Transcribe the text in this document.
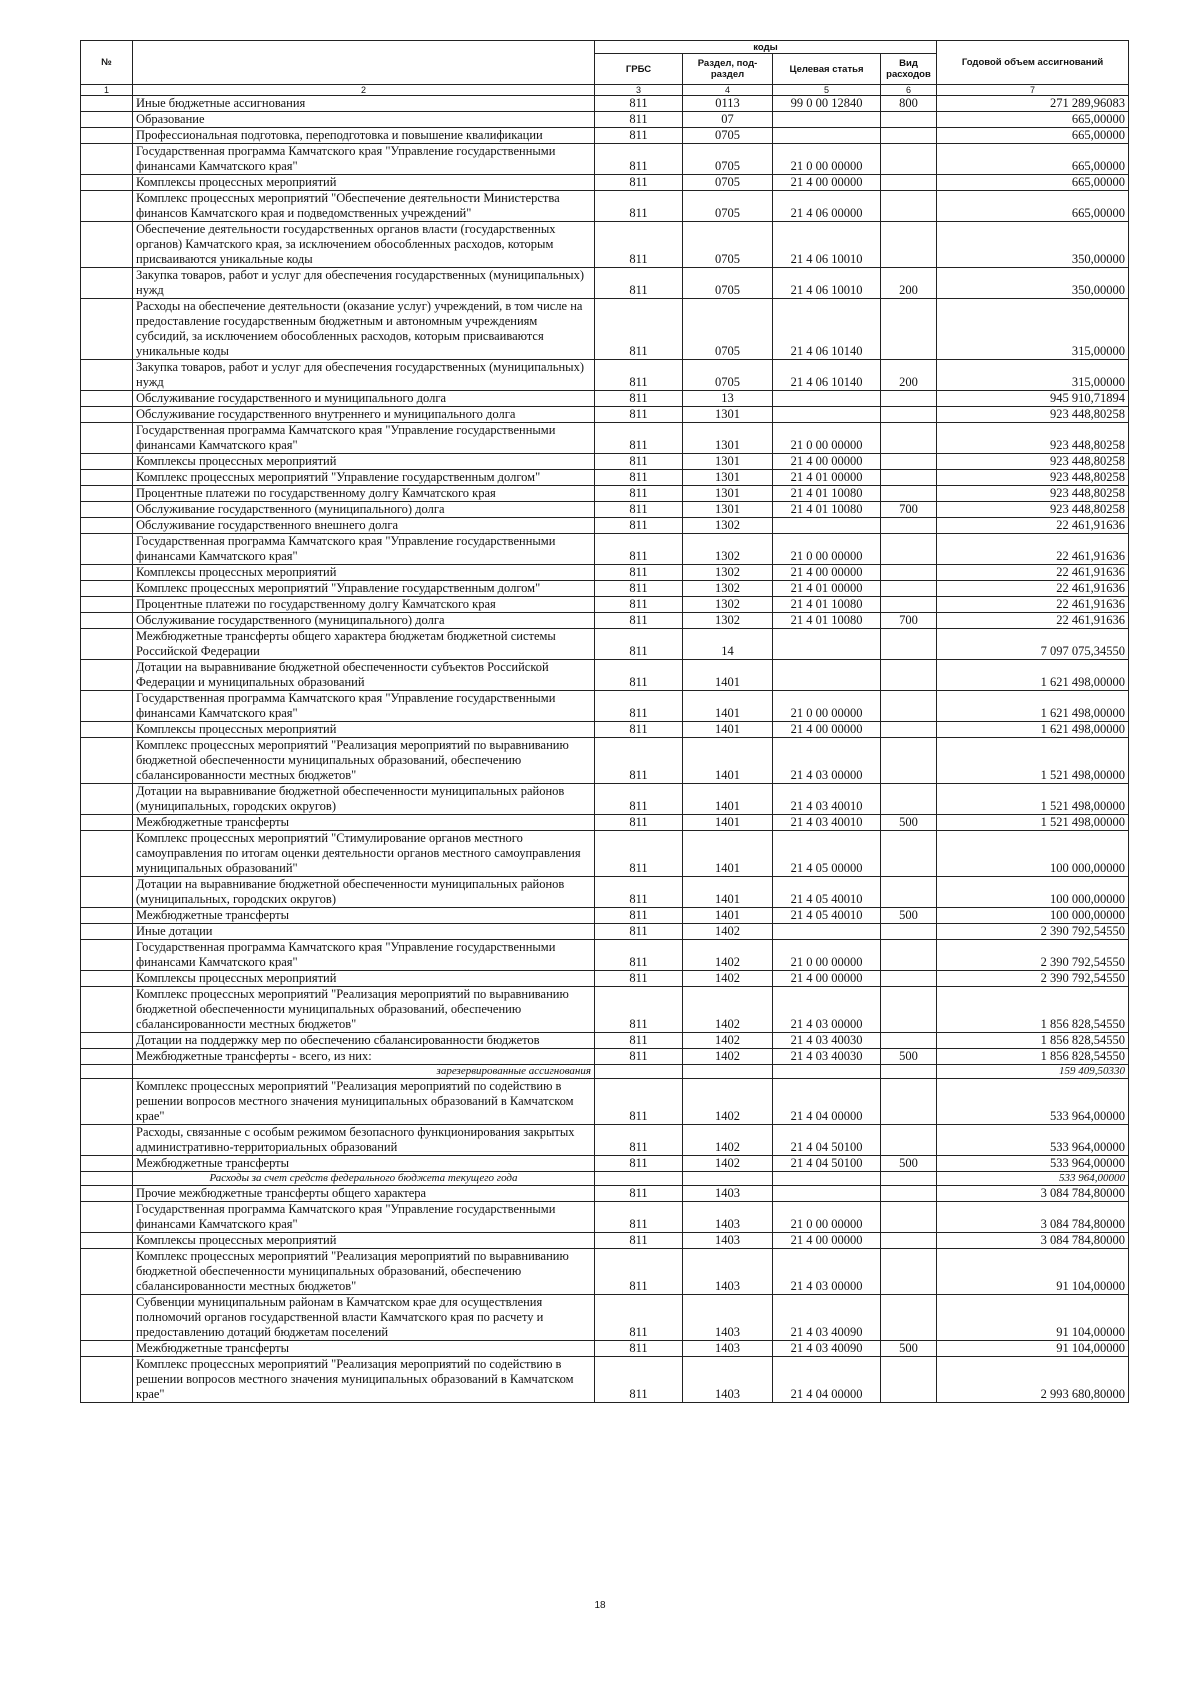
№		коды				Годовой объем ассигнований
		ГРБС	Раздел, под-раздел	Целевая статья	Вид расходов	
1	2	3	4	5	6	7
	Иные бюджетные ассигнования	811	0113	99 0 00 12840	800	271 289,96083
	Образование	811	07			665,00000
	Профессиональная подготовка, переподготовка и повышение квалификации	811	0705			665,00000
	Государственная программа Камчатского края "Управление государственными финансами Камчатского края"	811	0705	21 0 00 00000		665,00000
	Комплексы процессных мероприятий	811	0705	21 4 00 00000		665,00000
	Комплекс процессных мероприятий "Обеспечение деятельности Министерства финансов Камчатского края и подведомственных учреждений"	811	0705	21 4 06 00000		665,00000
	Обеспечение деятельности государственных органов власти (государственных органов) Камчатского края, за исключением обособленных расходов, которым присваиваются уникальные коды	811	0705	21 4 06 10010		350,00000
	Закупка товаров, работ и услуг для обеспечения государственных (муниципальных) нужд	811	0705	21 4 06 10010	200	350,00000
	Расходы на обеспечение деятельности (оказание услуг) учреждений, в том числе на предоставление государственным бюджетным и автономным учреждениям субсидий, за исключением обособленных расходов, которым присваиваются уникальные коды	811	0705	21 4 06 10140		315,00000
	Закупка товаров, работ и услуг для обеспечения государственных (муниципальных) нужд	811	0705	21 4 06 10140	200	315,00000
	Обслуживание государственного и муниципального долга	811	13			945 910,71894
	Обслуживание государственного внутреннего и муниципального долга	811	1301			923 448,80258
	Государственная программа Камчатского края "Управление государственными финансами Камчатского края"	811	1301	21 0 00 00000		923 448,80258
	Комплексы процессных мероприятий	811	1301	21 4 00 00000		923 448,80258
	Комплекс процессных мероприятий "Управление государственным долгом"	811	1301	21 4 01 00000		923 448,80258
	Процентные платежи по государственному долгу Камчатского края	811	1301	21 4 01 10080		923 448,80258
	Обслуживание государственного (муниципального) долга	811	1301	21 4 01 10080	700	923 448,80258
	Обслуживание государственного внешнего долга	811	1302			22 461,91636
	Государственная программа Камчатского края "Управление государственными финансами Камчатского края"	811	1302	21 0 00 00000		22 461,91636
	Комплексы процессных мероприятий	811	1302	21 4 00 00000		22 461,91636
	Комплекс процессных мероприятий "Управление государственным долгом"	811	1302	21 4 01 00000		22 461,91636
	Процентные платежи по государственному долгу Камчатского края	811	1302	21 4 01 10080		22 461,91636
	Обслуживание государственного (муниципального) долга	811	1302	21 4 01 10080	700	22 461,91636
	Межбюджетные трансферты общего характера бюджетам бюджетной системы Российской Федерации	811	14			7 097 075,34550
	Дотации на выравнивание бюджетной обеспеченности субъектов Российской Федерации и муниципальных образований	811	1401			1 621 498,00000
	Государственная программа Камчатского края "Управление государственными финансами Камчатского края"	811	1401	21 0 00 00000		1 621 498,00000
	Комплексы процессных мероприятий	811	1401	21 4 00 00000		1 621 498,00000
	Комплекс процессных мероприятий "Реализация мероприятий по выравниванию бюджетной обеспеченности муниципальных образований, обеспечению сбалансированности местных бюджетов"	811	1401	21 4 03 00000		1 521 498,00000
	Дотации на выравнивание бюджетной обеспеченности муниципальных районов (муниципальных, городских округов)	811	1401	21 4 03 40010		1 521 498,00000
	Межбюджетные трансферты	811	1401	21 4 03 40010	500	1 521 498,00000
	Комплекс процессных мероприятий "Стимулирование органов местного самоуправления по итогам оценки деятельности органов местного самоуправления муниципальных образований"	811	1401	21 4 05 00000		100 000,00000
	Дотации на выравнивание бюджетной обеспеченности муниципальных районов (муниципальных, городских округов)	811	1401	21 4 05 40010		100 000,00000
	Межбюджетные трансферты	811	1401	21 4 05 40010	500	100 000,00000
	Иные дотации	811	1402			2 390 792,54550
	Государственная программа Камчатского края "Управление государственными финансами Камчатского края"	811	1402	21 0 00 00000		2 390 792,54550
	Комплексы процессных мероприятий	811	1402	21 4 00 00000		2 390 792,54550
	Комплекс процессных мероприятий "Реализация мероприятий по выравниванию бюджетной обеспеченности муниципальных образований, обеспечению сбалансированности местных бюджетов"	811	1402	21 4 03 00000		1 856 828,54550
	Дотации на поддержку мер по обеспечению сбалансированности бюджетов	811	1402	21 4 03 40030		1 856 828,54550
	Межбюджетные трансферты - всего, из них:	811	1402	21 4 03 40030	500	1 856 828,54550
	зарезервированные ассигнования					159 409,50330
	Комплекс процессных мероприятий "Реализация мероприятий по содействию в решении вопросов местного значения муниципальных образований в Камчатском крае"	811	1402	21 4 04 00000		533 964,00000
	Расходы, связанные с особым режимом безопасного функционирования закрытых административно-территориальных образований	811	1402	21 4 04 50100		533 964,00000
	Межбюджетные трансферты	811	1402	21 4 04 50100	500	533 964,00000
	Расходы за счет средств федерального бюджета текущего года					533 964,00000
	Прочие межбюджетные трансферты общего характера	811	1403			3 084 784,80000
	Государственная программа Камчатского края "Управление государственными финансами Камчатского края"	811	1403	21 0 00 00000		3 084 784,80000
	Комплексы процессных мероприятий	811	1403	21 4 00 00000		3 084 784,80000
	Комплекс процессных мероприятий "Реализация мероприятий по выравниванию бюджетной обеспеченности муниципальных образований, обеспечению сбалансированности местных бюджетов"	811	1403	21 4 03 00000		91 104,00000
	Субвенции муниципальным районам в Камчатском крае для осуществления полномочий органов государственной власти Камчатского края по расчету и предоставлению дотаций бюджетам поселений	811	1403	21 4 03 40090		91 104,00000
	Межбюджетные трансферты	811	1403	21 4 03 40090	500	91 104,00000
	Комплекс процессных мероприятий "Реализация мероприятий по содействию в решении вопросов местного значения муниципальных образований в Камчатском крае"	811	1403	21 4 04 00000		2 993 680,80000
18
